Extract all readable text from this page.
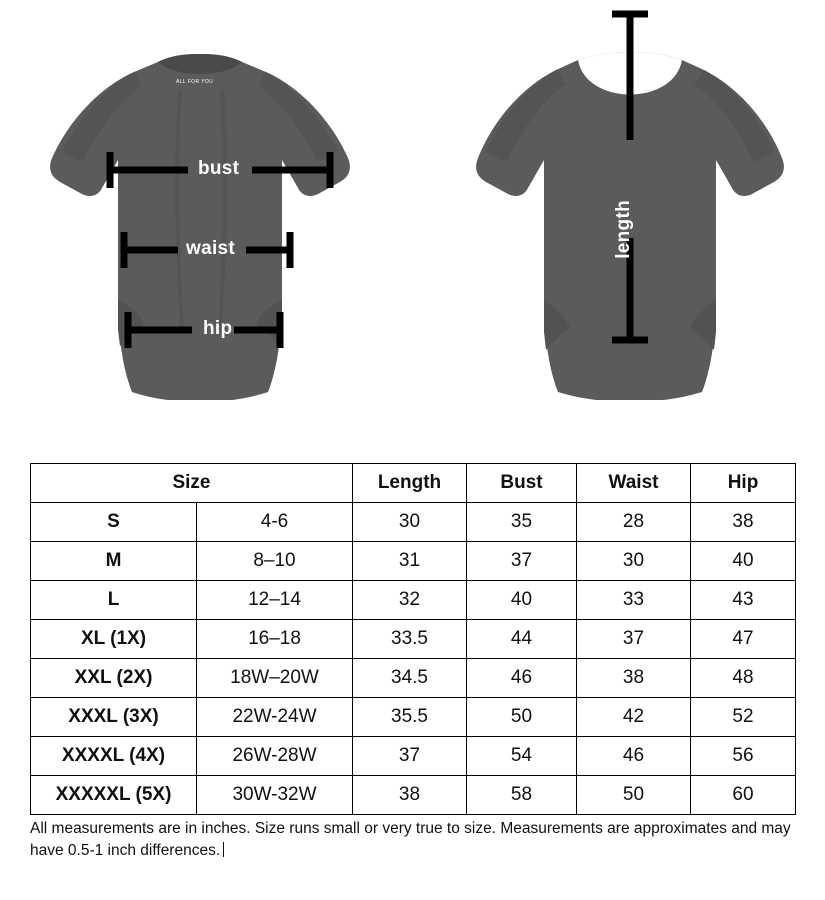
ALL FOR YOU
bust
waist
hip
length
Size		Length	Bust	Waist	Hip
S	4-6	30	35	28	38
M	8–10	31	37	30	40
L	12–14	32	40	33	43
XL (1X)	16–18	33.5	44	37	47
XXL (2X)	18W–20W	34.5	46	38	48
XXXL (3X)	22W-24W	35.5	50	42	52
XXXXL (4X)	26W-28W	37	54	46	56
XXXXXL (5X)	30W-32W	38	58	50	60
All measurements are in inches. Size runs small or very true to size. Measurements are approximates and may have 0.5-1 inch differences.
